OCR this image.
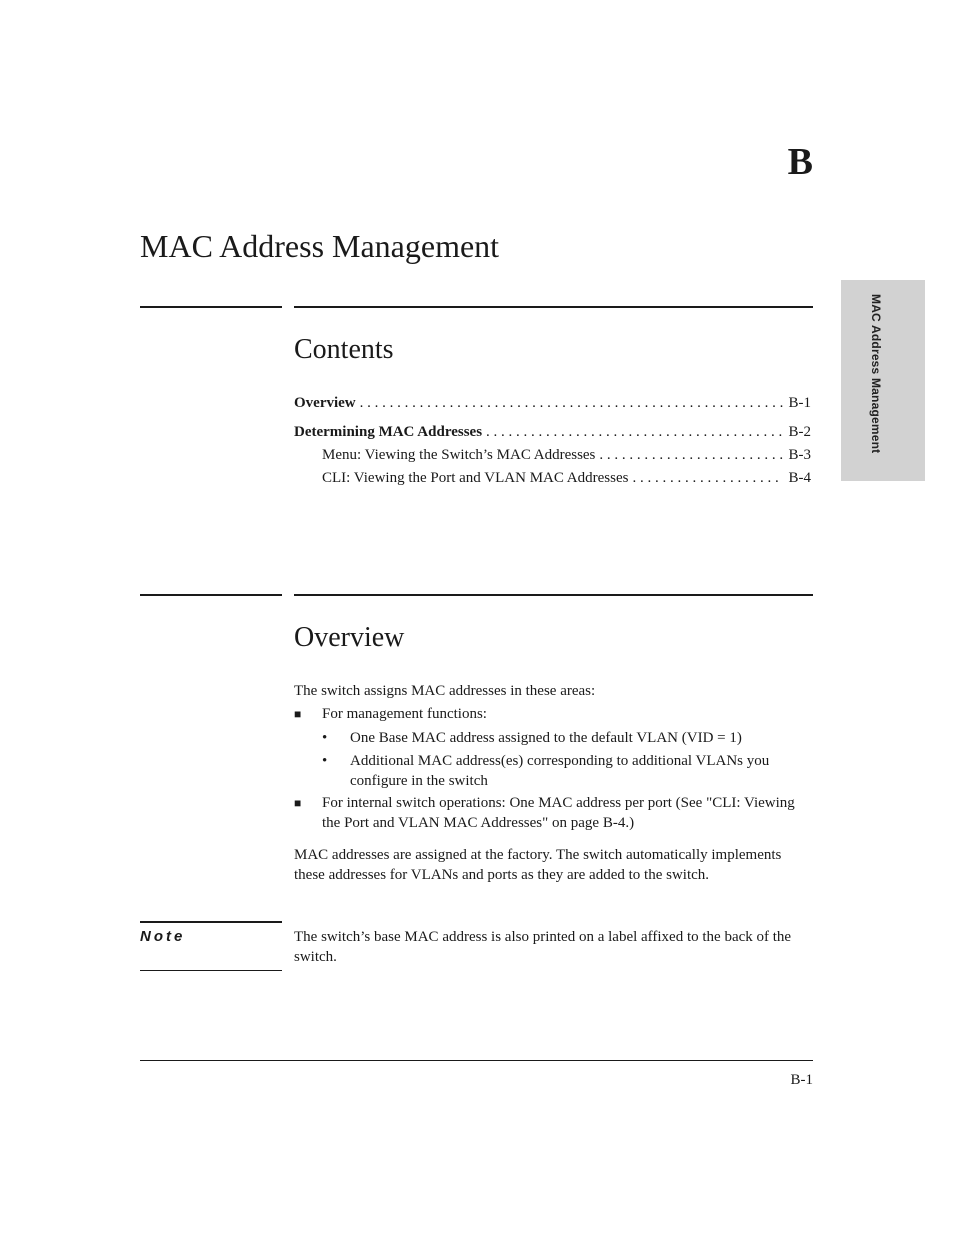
B
MAC Address Management
MAC Address Management
Contents
Overview . . .	B-1
Determining MAC Addresses . . .	B-2
Menu: Viewing the Switch’s MAC Addresses . . .	B-3
CLI: Viewing the Port and VLAN MAC Addresses . . .	B-4
Overview

The switch assigns MAC addresses in these areas:

■ For management functions:

• One Base MAC address assigned to the default VLAN (VID = 1)

• Additional MAC address(es) corresponding to additional VLANs you configure in the switch

■ For internal switch operations: One MAC address per port (See "CLI: Viewing the Port and VLAN MAC Addresses" on page B-4.)

MAC addresses are assigned at the factory. The switch automatically implements these addresses for VLANs and ports as they are added to the switch.

Note	The switch’s base MAC address is also printed on a label affixed to the back of the switch.

B-1
